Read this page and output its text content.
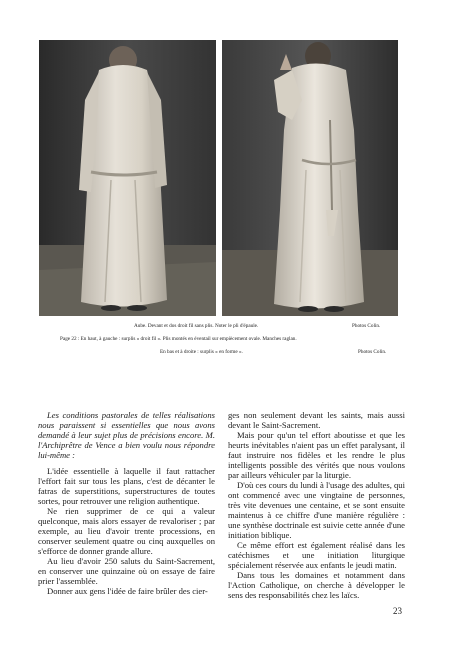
Aube. Devant et dos droit fil sans plis. Noter le pli d'épaule.	Photos Colin.
Page 22 : En haut, à gauche : surplis « droit fil ». Plis montés en éventail sur empiècement ovale. Manches raglan.
En bas et à droite : surplis « en forme ».	Photos Colin.

Les conditions pastorales de telles réalisations nous paraissent si essentielles que nous avons demandé à leur sujet plus de précisions encore. M. l'Archiprêtre de Vence a bien voulu nous répondre lui-même :

L'idée essentielle à laquelle il faut rattacher l'effort fait sur tous les plans, c'est de décanter le fatras de superstitions, superstructures de toutes sortes, pour retrouver une religion authentique.

Ne rien supprimer de ce qui a valeur quelconque, mais alors essayer de revaloriser ; par exemple, au lieu d'avoir trente processions, en conserver seulement quatre ou cinq auxquelles on s'efforce de donner grande allure.

Au lieu d'avoir 250 saluts du Saint-Sacrement, en conserver une quinzaine où on essaye de faire prier l'assemblée.

Donner aux gens l'idée de faire brûler des cier-

ges non seulement devant les saints, mais aussi devant le Saint-Sacrement.

Mais pour qu'un tel effort aboutisse et que les heurts inévitables n'aient pas un effet paralysant, il faut instruire nos fidèles et les rendre le plus intelligents possible des vérités que nous voulons par ailleurs véhiculer par la liturgie.

D'où ces cours du lundi à l'usage des adultes, qui ont commencé avec une vingtaine de personnes, très vite devenues une centaine, et se sont ensuite maintenus à ce chiffre d'une manière régulière : une synthèse doctrinale est suivie cette année d'une initiation biblique.

Ce même effort est également réalisé dans les catéchismes et une initiation liturgique spécialement réservée aux enfants le jeudi matin.

Dans tous les domaines et notamment dans l'Action Catholique, on cherche à développer le sens des responsabilités chez les laïcs.

23
